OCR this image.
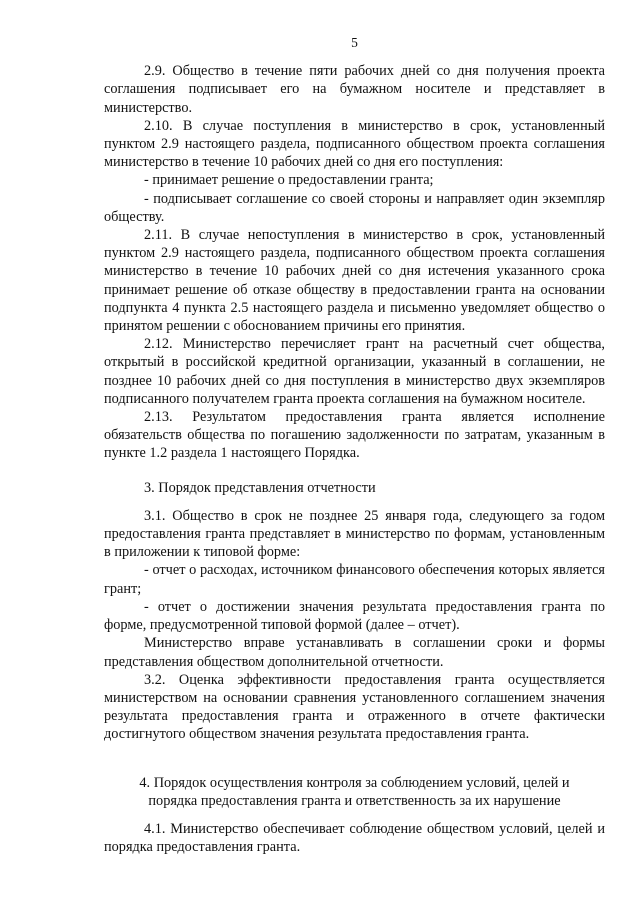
5

2.9. Общество в течение пяти рабочих дней со дня получения проекта соглашения подписывает его на бумажном носителе и представляет в министерство.

2.10. В случае поступления в министерство в срок, установленный пунктом 2.9 настоящего раздела, подписанного обществом проекта соглашения министерство в течение 10 рабочих дней со дня его поступления:

- принимает решение о предоставлении гранта;

- подписывает соглашение со своей стороны и направляет один экземпляр обществу.

2.11. В случае непоступления в министерство в срок, установленный пунктом 2.9 настоящего раздела, подписанного обществом проекта соглашения министерство в течение 10 рабочих дней со дня истечения указанного срока принимает решение об отказе обществу в предоставлении гранта на основании подпункта 4 пункта 2.5 настоящего раздела и письменно уведомляет общество о принятом решении с обоснованием причины его принятия.

2.12. Министерство перечисляет грант на расчетный счет общества, открытый в российской кредитной организации, указанный в соглашении, не позднее 10 рабочих дней со дня поступления в министерство двух экземпляров подписанного получателем гранта проекта соглашения на бумажном носителе.

2.13. Результатом предоставления гранта является исполнение обязательств общества по погашению задолженности по затратам, указанным в пункте 1.2 раздела 1 настоящего Порядка.

3. Порядок представления отчетности

3.1. Общество в срок не позднее 25 января года, следующего за годом предоставления гранта представляет в министерство по формам, установленным в приложении к типовой форме:

- отчет о расходах, источником финансового обеспечения которых является грант;

- отчет о достижении значения результата предоставления гранта по форме, предусмотренной типовой формой (далее – отчет).

Министерство вправе устанавливать в соглашении сроки и формы представления обществом дополнительной отчетности.

3.2. Оценка эффективности предоставления гранта осуществляется министерством на основании сравнения установленного соглашением значения результата предоставления гранта и отраженного в отчете фактически достигнутого обществом значения результата предоставления гранта.

4. Порядок осуществления контроля за соблюдением условий, целей и

порядка предоставления гранта и ответственность за их нарушение

4.1. Министерство обеспечивает соблюдение обществом условий, целей и порядка предоставления гранта.
